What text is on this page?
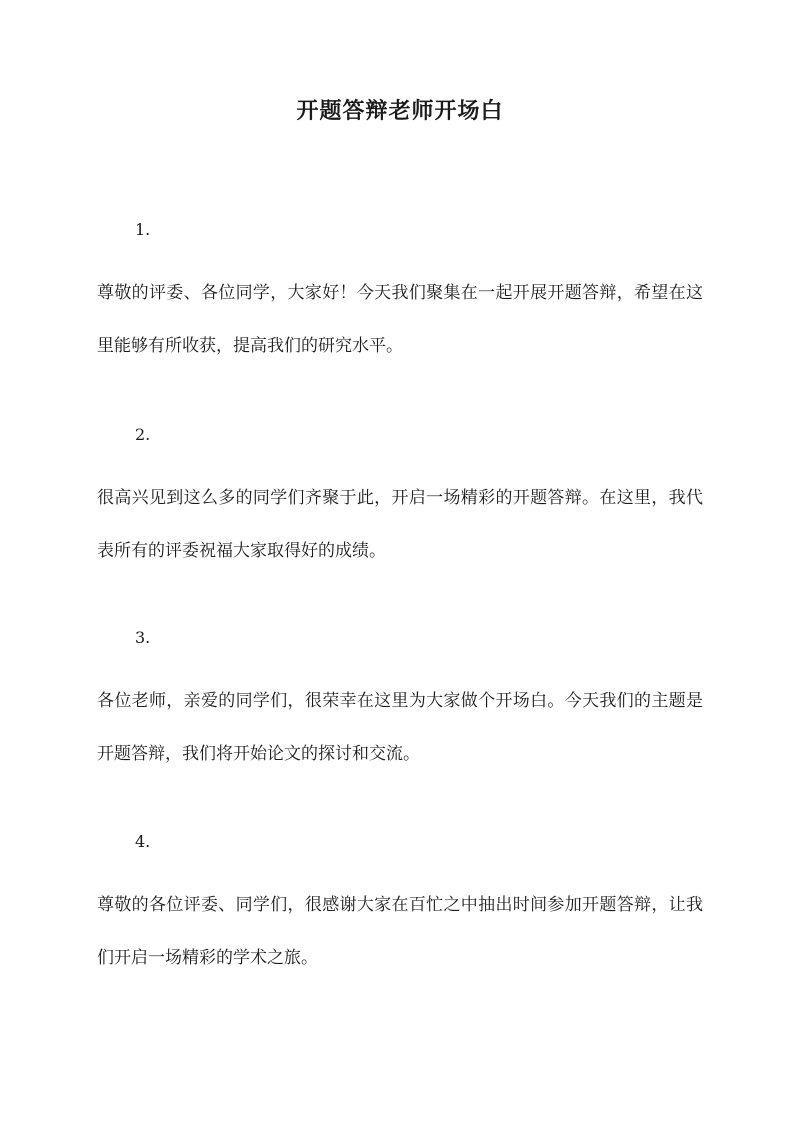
开题答辩老师开场白
1.
尊敬的评委、各位同学，大家好！今天我们聚集在一起开展开题答辩，希望在这里能够有所收获，提高我们的研究水平。
2.
很高兴见到这么多的同学们齐聚于此，开启一场精彩的开题答辩。在这里，我代表所有的评委祝福大家取得好的成绩。
3.
各位老师，亲爱的同学们，很荣幸在这里为大家做个开场白。今天我们的主题是开题答辩，我们将开始论文的探讨和交流。
4.
尊敬的各位评委、同学们，很感谢大家在百忙之中抽出时间参加开题答辩，让我们开启一场精彩的学术之旅。
